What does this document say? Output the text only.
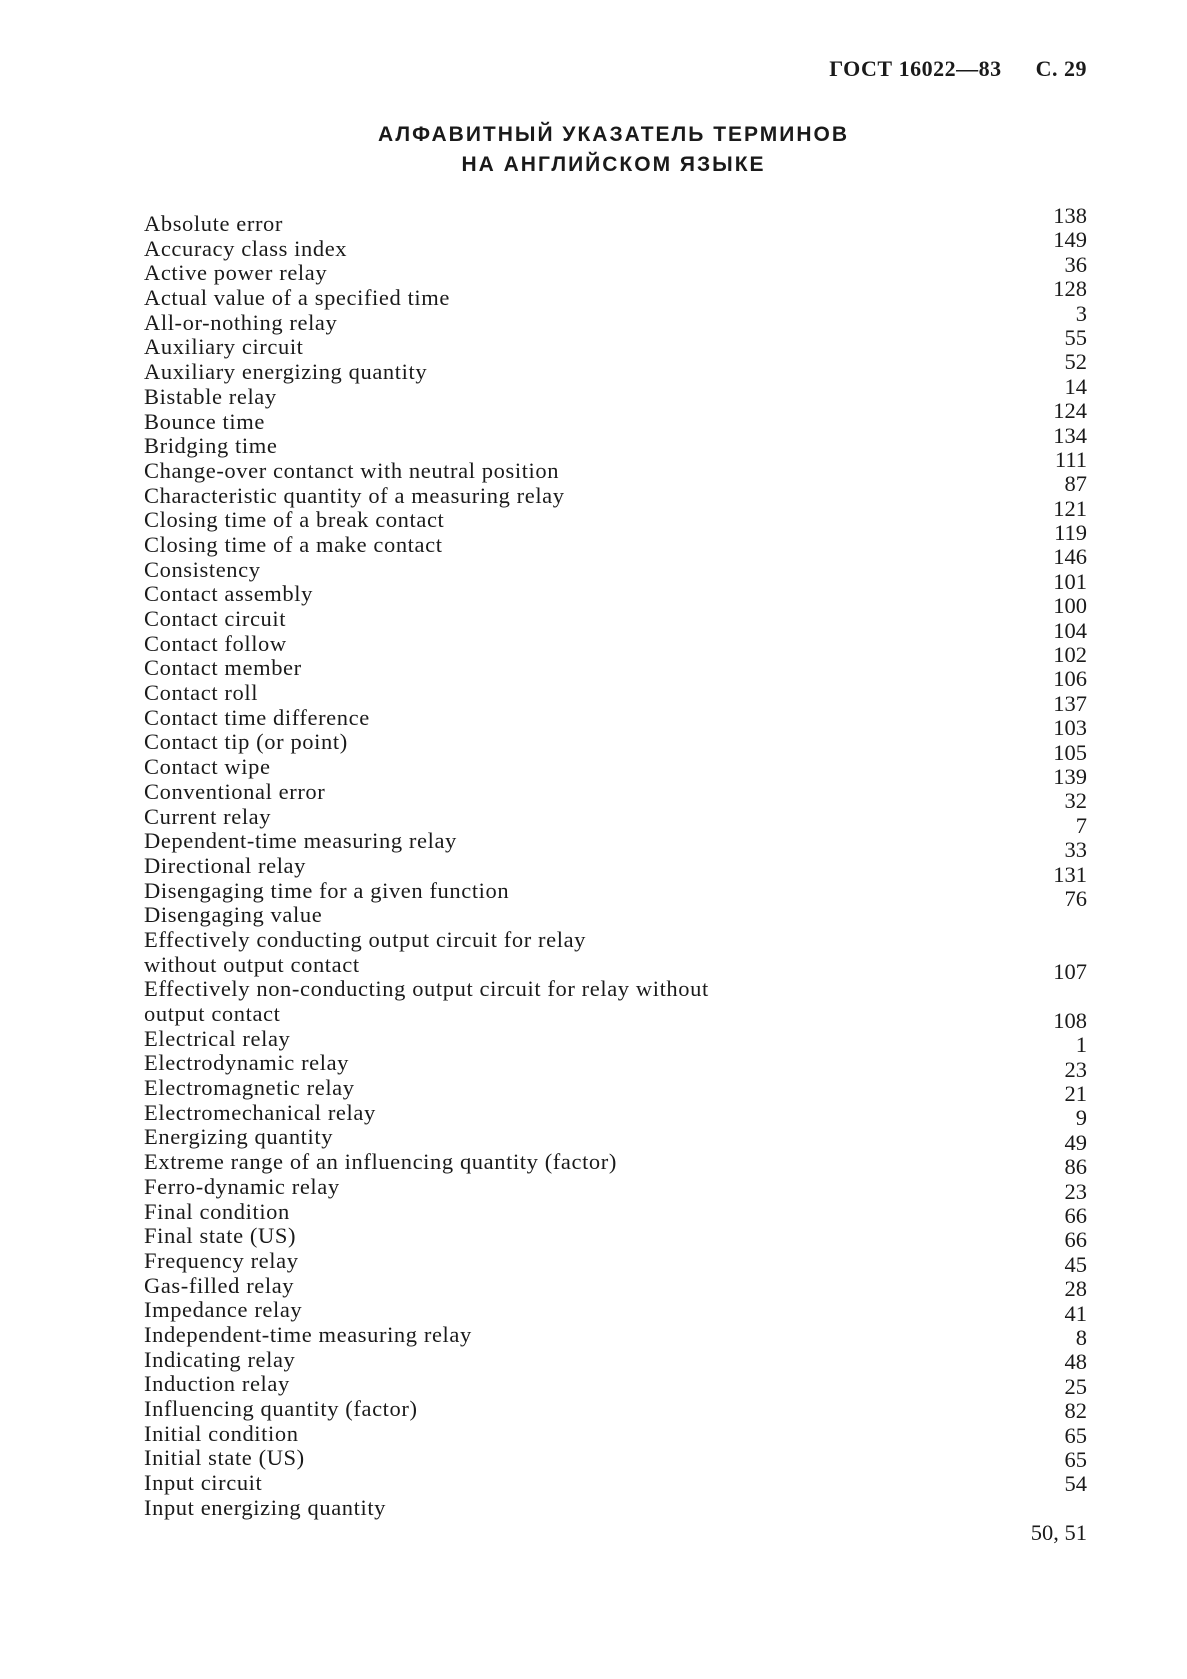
ГОСТ 16022—83 С. 29
АЛФАВИТНЫЙ УКАЗАТЕЛЬ ТЕРМИНОВ
НА АНГЛИЙСКОМ ЯЗЫКЕ
Absolute error
Accuracy class index
Active power relay
Actual value of a specified time
All-or-nothing relay
Auxiliary circuit
Auxiliary energizing quantity
Bistable relay
Bounce time
Bridging time
Change-over contanct with neutral position
Characteristic quantity of a measuring relay
Closing time of a break contact
Closing time of a make contact
Consistency
Contact assembly
Contact circuit
Contact follow
Contact member
Contact roll
Contact time difference
Contact tip (or point)
Contact wipe
Conventional error
Current relay
Dependent-time measuring relay
Directional relay
Disengaging time for a given function
Disengaging value
Effectively conducting output circuit for relay
without output contact
Effectively non-conducting output circuit for relay without
output contact
Electrical relay
Electrodynamic relay
Electromagnetic relay
Electromechanical relay
Energizing quantity
Extreme range of an influencing quantity (factor)
Ferro-dynamic relay
Final condition
Final state (US)
Frequency relay
Gas-filled relay
Impedance relay
Independent-time measuring relay
Indicating relay
Induction relay
Influencing quantity (factor)
Initial condition
Initial state (US)
Input circuit
Input energizing quantity
138
149
36
128
3
55
52
14
124
134
111
87
121
119
146
101
100
104
102
106
137
103
105
139
32
7
33
131
76
107
108
1
23
21
9
49
86
23
66
66
45
28
41
8
48
25
82
65
65
54
50, 51
